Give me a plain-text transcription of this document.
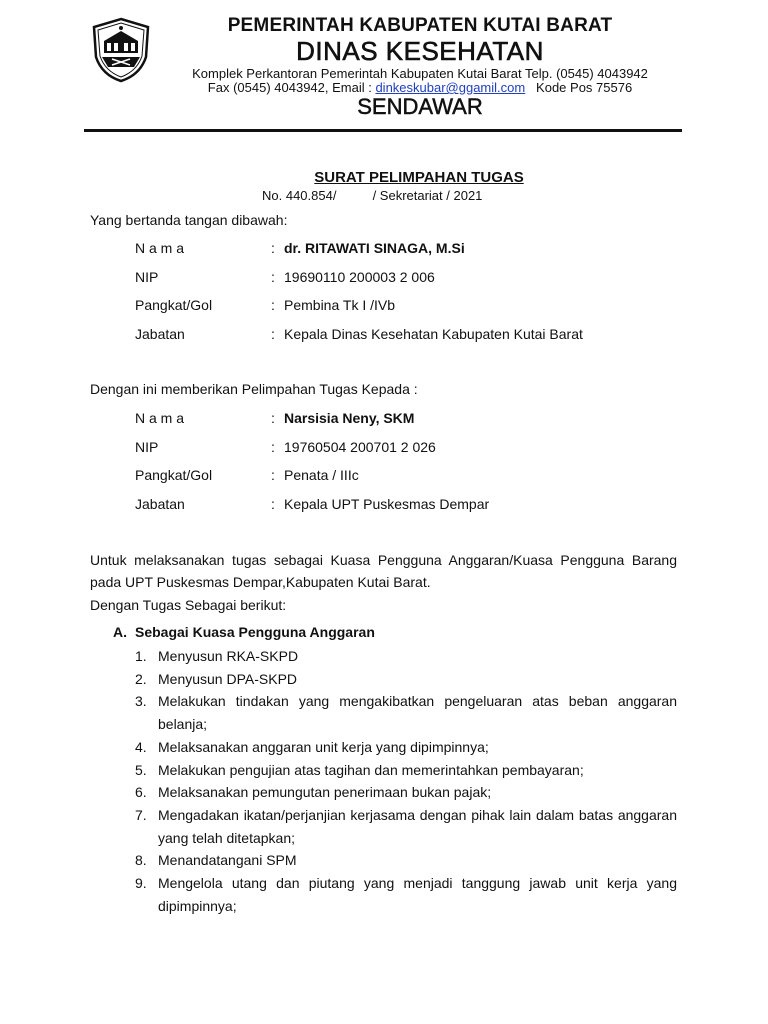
PEMERINTAH KABUPATEN KUTAI BARAT
DINAS KESEHATAN
Komplek Perkantoran Pemerintah Kabupaten Kutai Barat Telp. (0545) 4043942
Fax (0545) 4043942, Email : dinkeskubar@ggamil.com   Kode Pos 75576
SENDAWAR
SURAT PELIMPAHAN TUGAS
No. 440.854/          / Sekretariat / 2021
Yang bertanda tangan dibawah:
N a m a	: dr. RITAWATI SINAGA, M.Si
NIP	: 19690110 200003 2 006
Pangkat/Gol	: Pembina Tk I /IVb
Jabatan	: Kepala Dinas Kesehatan Kabupaten Kutai Barat
Dengan ini memberikan Pelimpahan Tugas Kepada :
N a m a	: Narsisia Neny, SKM
NIP	: 19760504 200701 2 026
Pangkat/Gol	: Penata / IIIc
Jabatan	: Kepala UPT Puskesmas Dempar
Untuk melaksanakan tugas sebagai Kuasa Pengguna Anggaran/Kuasa Pengguna Barang pada UPT Puskesmas Dempar,Kabupaten Kutai Barat.
Dengan Tugas Sebagai berikut:
A. Sebagai Kuasa Pengguna Anggaran
1. Menyusun RKA-SKPD
2. Menyusun DPA-SKPD
3. Melakukan tindakan yang mengakibatkan pengeluaran atas beban anggaran belanja;
4. Melaksanakan anggaran unit kerja yang dipimpinnya;
5. Melakukan pengujian atas tagihan dan memerintahkan pembayaran;
6. Melaksanakan pemungutan penerimaan bukan pajak;
7. Mengadakan ikatan/perjanjian kerjasama dengan pihak lain dalam batas anggaran yang telah ditetapkan;
8. Menandatangani SPM
9. Mengelola utang dan piutang yang menjadi tanggung jawab unit kerja yang dipimpinnya;
